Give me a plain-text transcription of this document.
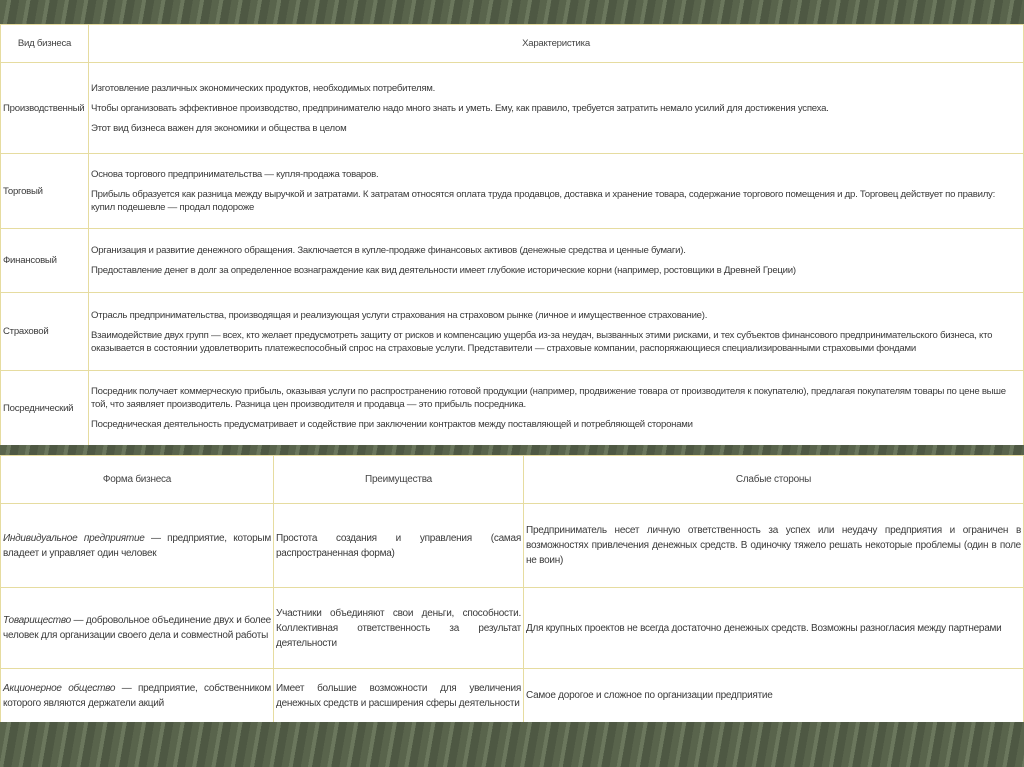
Вид бизнеса	Характеристика
Производственный	Изготовление различных экономических продуктов, необходимых потребителям.

Чтобы организовать эффективное производство, предпринимателю надо много знать и уметь. Ему, как правило, требуется затратить немало усилий для достижения успеха.

Этот вид бизнеса важен для экономики и общества в целом

Торговый	Основа торгового предпринимательства — купля-продажа товаров.

Прибыль образуется как разница между выручкой и затратами. К затратам относятся оплата труда продавцов, доставка и хранение товара, содержание торгового помещения и др. Торговец действует по правилу: купил подешевле — продал подороже

Финансовый	Организация и развитие денежного обращения. Заключается в купле-продаже финансовых активов (денежные средства и ценные бумаги).

Предоставление денег в долг за определенное вознаграждение как вид деятельности имеет глубокие исторические корни (например, ростовщики в Древней Греции)

Страховой	Отрасль предпринимательства, производящая и реализующая услуги страхования на страховом рынке (личное и имущественное страхование).

Взаимодействие двух групп — всех, кто желает предусмотреть защиту от рисков и компенсацию ущерба из-за неудач, вызванных этими рисками, и тех субъектов финансового предпринимательского бизнеса, кто оказывается в состоянии удовлетворить платежеспособный спрос на страховые услуги. Представители — страховые компании, распоряжающиеся специализированными страховыми фондами

Посреднический	Посредник получает коммерческую прибыль, оказывая услуги по распространению готовой продукции (например, продвижение товара от производителя к покупателю), предлагая покупателям товары по цене выше той, что заявляет производитель. Разница цен производителя и продавца — это прибыль посредника.

Посредническая деятельность предусматривает и содействие при заключении контрактов между поставляющей и потребляющей сторонами

Форма бизнеса	Преимущества	Слабые стороны
Индивидуальное предприятие — предприятие, которым владеет и управляет один человек	Простота создания и управления (самая распространенная форма)	Предприниматель несет личную ответственность за успех или неудачу предприятия и ограничен в возможностях привлечения денежных средств. В одиночку тяжело решать некоторые проблемы (один в поле не воин)
Товарищество — добровольное объединение двух и более человек для организации своего дела и совместной работы	Участники объединяют свои деньги, способности. Коллективная ответственность за результат деятельности	Для крупных проектов не всегда достаточно денежных средств. Возможны разногласия между партнерами
Акционерное общество — предприятие, собственником которого являются держатели акций	Имеет большие возможности для увеличения денежных средств и расширения сферы деятельности	Самое дорогое и сложное по организации предприятие
